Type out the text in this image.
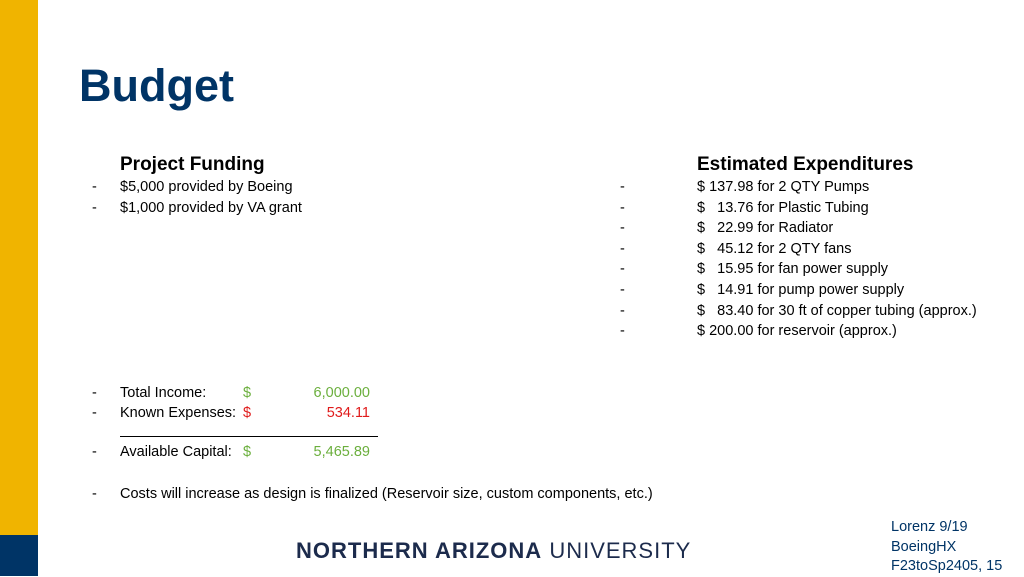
Budget
Project Funding
- $5,000 provided by Boeing
- $1,000 provided by VA grant
Estimated Expenditures
-	$ 137.98 for 2 QTY Pumps
-	$   13.76 for Plastic Tubing
-	$   22.99 for Radiator
-	$   45.12 for 2 QTY fans
-	$   15.95 for fan power supply
-	$   14.91 for pump power supply
-	$   83.40 for 30 ft of copper tubing (approx.)
-	$ 200.00 for reservoir (approx.)
- Total Income:	$	6,000.00
- Known Expenses: $	534.11
- Available Capital: $	5,465.89
- Costs will increase as design is finalized (Reservoir size, custom components, etc.)
NORTHERN ARIZONA UNIVERSITY
Lorenz 9/19
BoeingHX
F23toSp2405, 15
